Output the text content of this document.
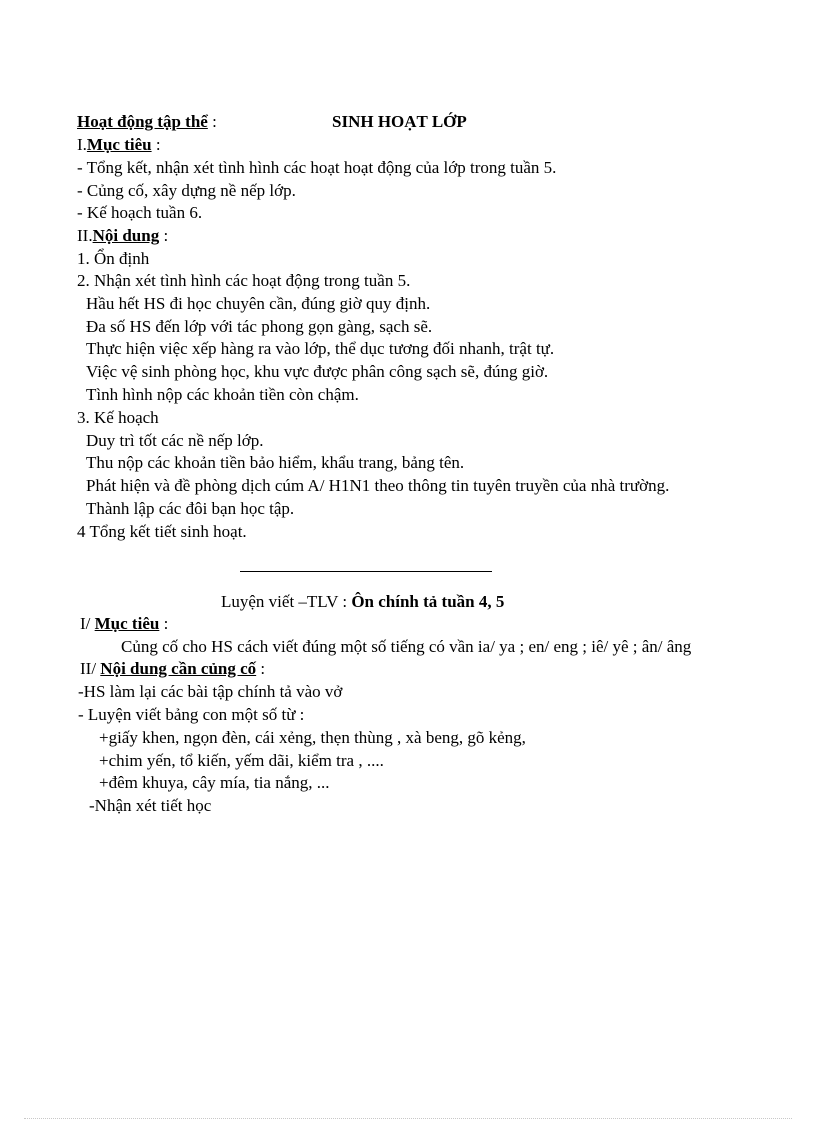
Hoạt động tập thể :	SINH HOẠT LỚP
I.Mục tiêu :
- Tổng kết, nhận xét tình hình các hoạt hoạt động của lớp trong tuần 5.
- Củng cố, xây dựng nề nếp lớp.
- Kế hoạch tuần 6.
II.Nội dung :
1. Ổn định
2. Nhận xét tình hình các hoạt động trong tuần 5.
Hầu hết HS đi học chuyên cần, đúng giờ quy định.
Đa số HS đến lớp với tác phong gọn gàng, sạch sẽ.
Thực hiện việc xếp hàng ra vào lớp, thể dục tương đối nhanh, trật tự.
Việc vệ sinh phòng học, khu vực được phân công sạch sẽ, đúng giờ.
Tình hình nộp các khoản tiền còn chậm.
3. Kế hoạch
Duy trì tốt các nề nếp lớp.
Thu nộp các khoản tiền bảo hiểm, khẩu trang, bảng tên.
Phát hiện và đề phòng dịch cúm A/ H1N1 theo thông tin tuyên truyền của nhà trường.
Thành lập các đôi bạn học tập.
4 Tổng kết tiết sinh hoạt.
Luyện viết –TLV : Ôn chính tả tuần 4, 5
I/ Mục tiêu :
Củng cố cho HS cách viết đúng một số tiếng có vần ia/ ya ; en/ eng ; iê/ yê ; ân/ âng
II/ Nội dung cần củng cố :
-HS làm lại các bài tập chính tả vào vở
- Luyện viết bảng con một số từ :
+giấy khen, ngọn đèn, cái xẻng, thẹn thùng , xà beng, gõ kẻng,
+chim yến, tổ kiến, yếm dãi, kiểm tra , ....
+đêm khuya, cây mía, tia nắng, ...
-Nhận xét tiết học
